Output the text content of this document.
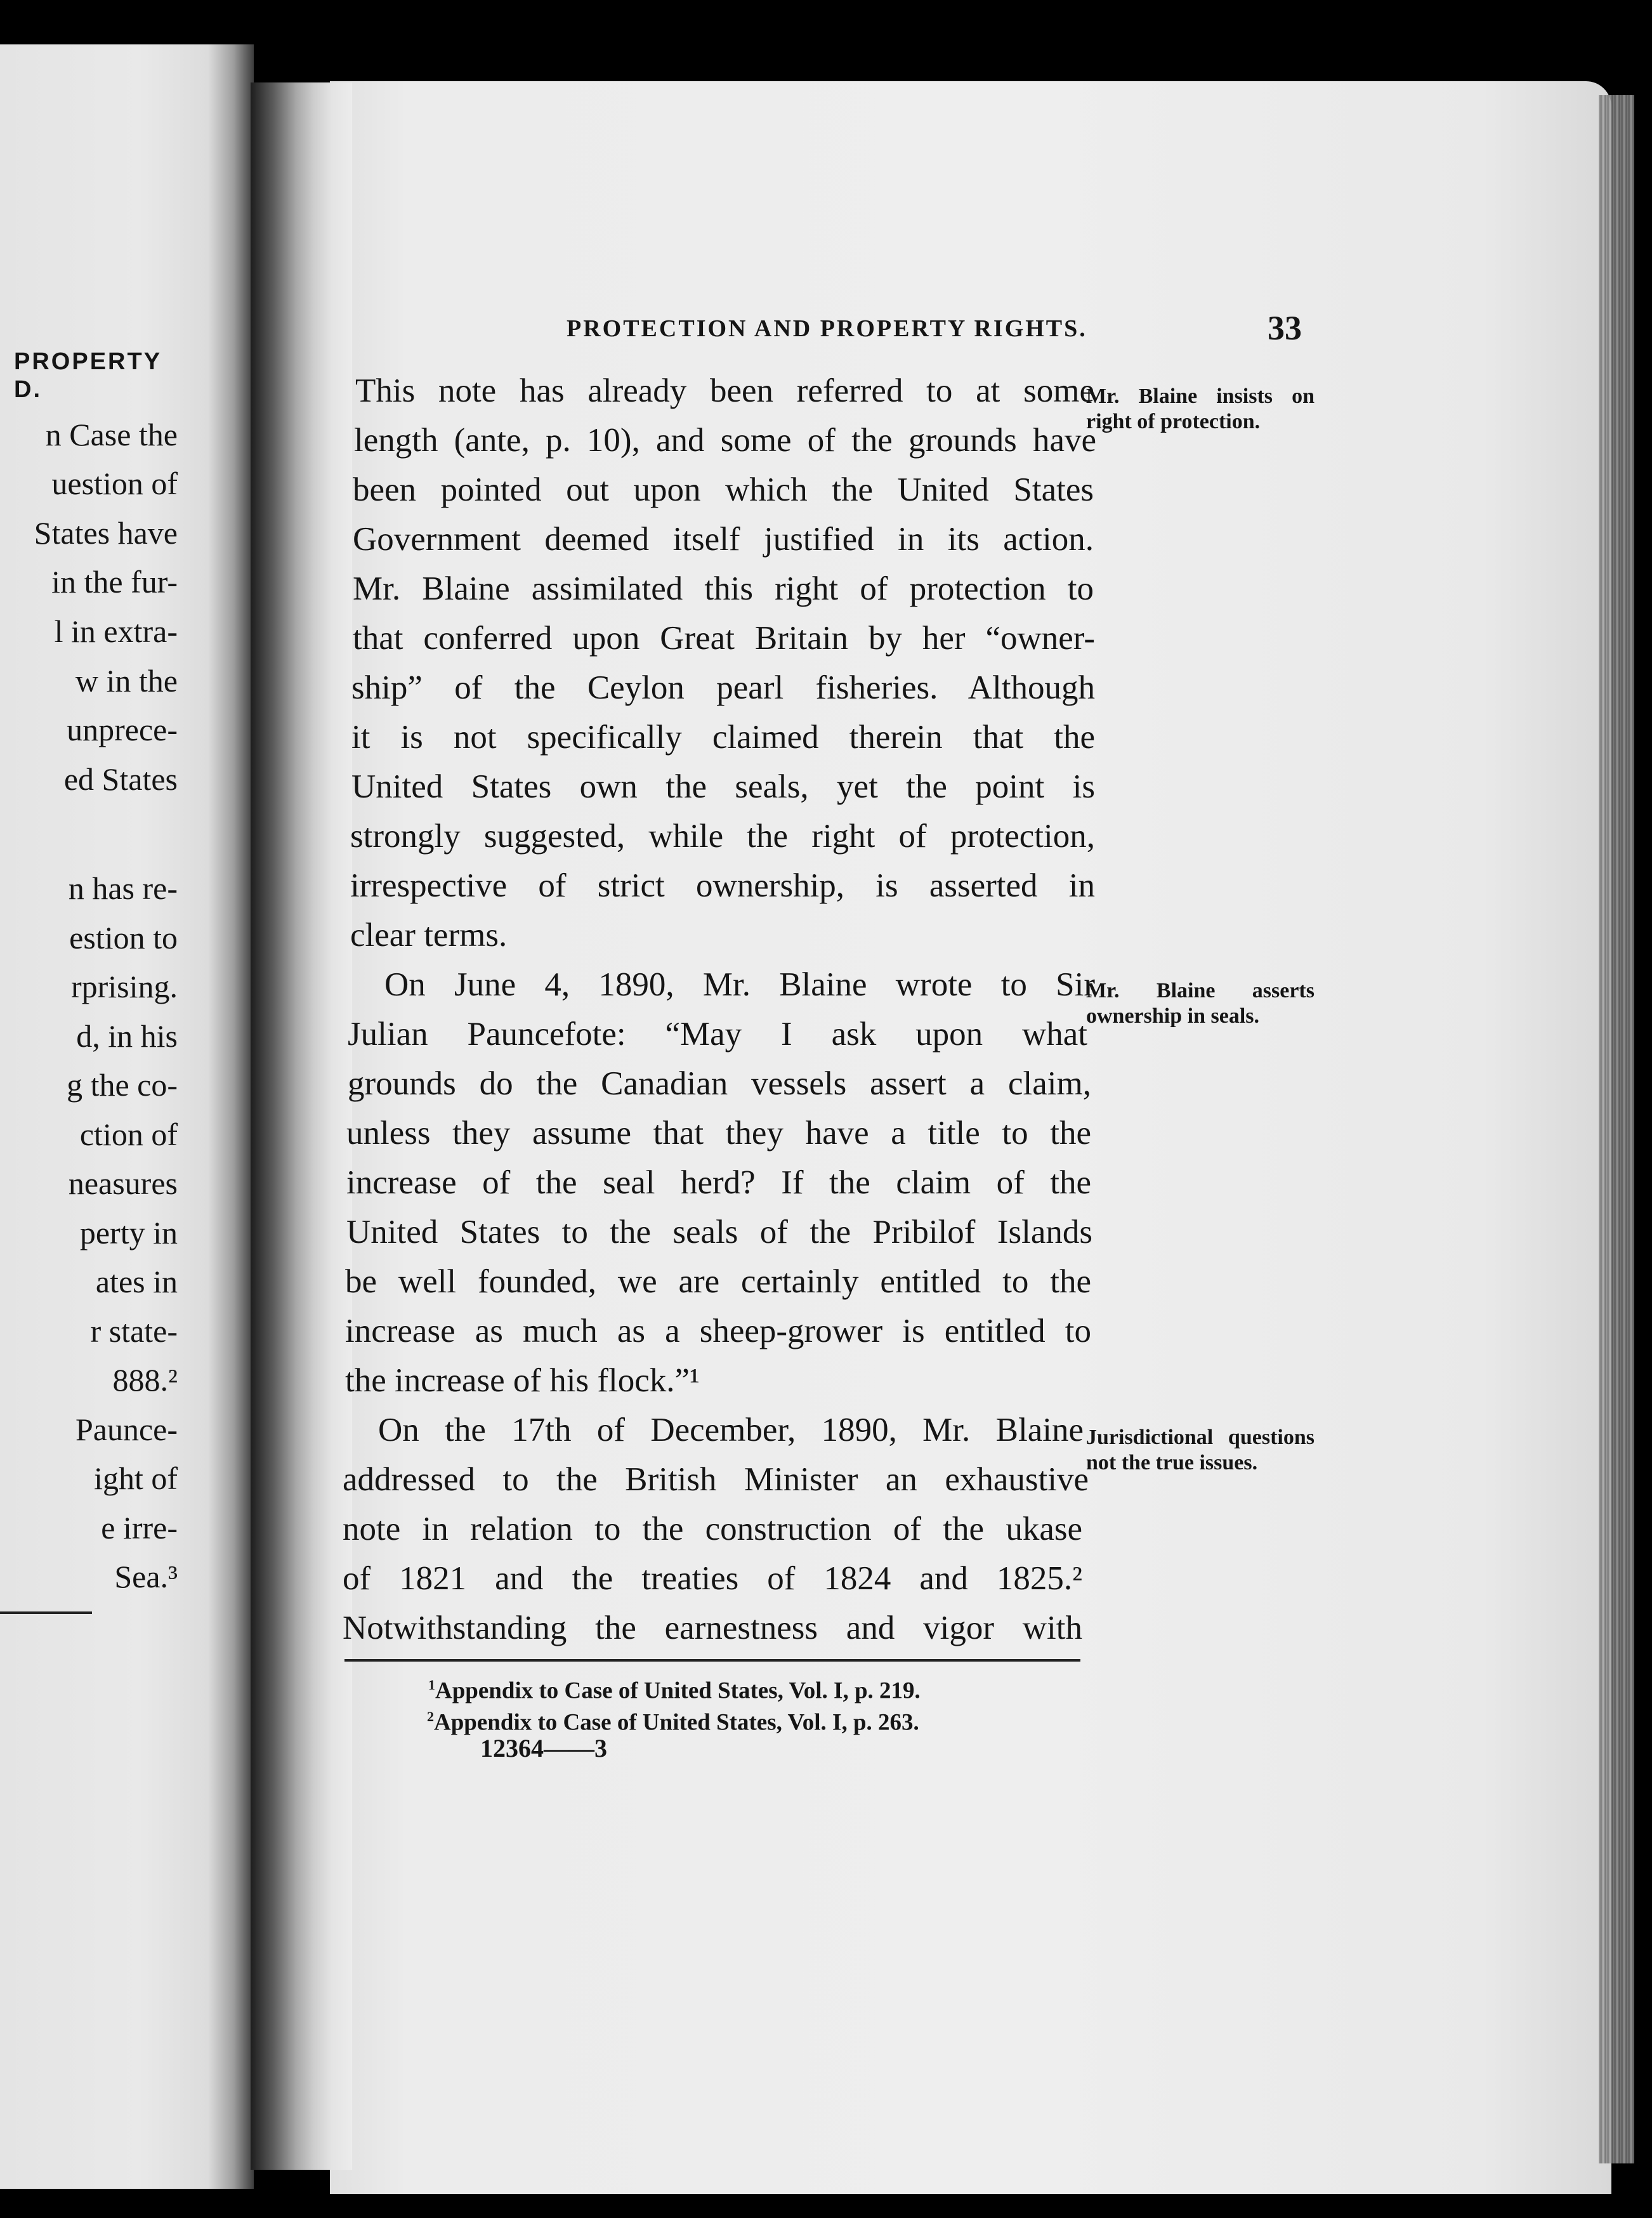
PROPERTY
D.
n Case the
uestion of
States have
in the fur-
l in extra-
w in the
unprece-
ed States
n has re-
estion to
rprising.
d, in his
g the co-
ction of
neasures
perty in
ates in
r state-
888.²
Paunce-
ight of
e irre-
Sea.³
PROTECTION AND PROPERTY RIGHTS.	33
This note has already been referred to at some
length (ante, p. 10), and some of the grounds have
been pointed out upon which the United States
Government deemed itself justified in its action.
Mr. Blaine assimilated this right of protection to
that conferred upon Great Britain by her “owner-
ship” of the Ceylon pearl fisheries. Although
it is not specifically claimed therein that the
United States own the seals, yet the point is
strongly suggested, while the right of protection,
irrespective of strict ownership, is asserted in
clear terms.
On June 4, 1890, Mr. Blaine wrote to Sir
Julian Pauncefote: “May I ask upon what
grounds do the Canadian vessels assert a claim,
unless they assume that they have a title to the
increase of the seal herd? If the claim of the
United States to the seals of the Pribilof Islands
be well founded, we are certainly entitled to the
increase as much as a sheep-grower is entitled to
the increase of his flock.”¹
On the 17th of December, 1890, Mr. Blaine
addressed to the British Minister an exhaustive
note in relation to the construction of the ukase
of 1821 and the treaties of 1824 and 1825.²
Notwithstanding the earnestness and vigor with
Mr. Blaine insists on right of protection.
Mr. Blaine asserts ownership in seals.
Jurisdictional questions not the true issues.
$^1$Appendix to Case of United States, Vol. I, p. 219.
$^2$Appendix to Case of United States, Vol. I, p. 263.
12364——3
